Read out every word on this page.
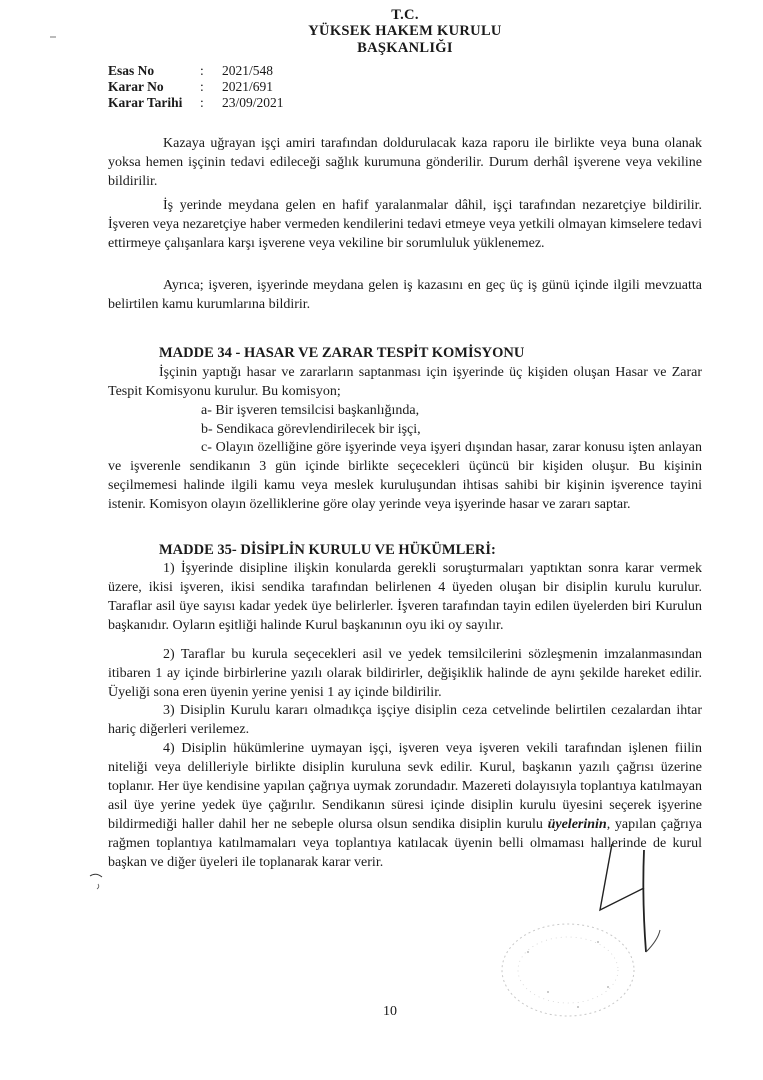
T.C.
YÜKSEK HAKEM KURULU
BAŞKANLIĞI
Esas No	:	2021/548
Karar No	:	2021/691
Karar Tarihi	:	23/09/2021
Kazaya uğrayan işçi amiri tarafından doldurulacak kaza raporu ile birlikte veya buna olanak yoksa hemen işçinin tedavi edileceği sağlık kurumuna gönderilir. Durum derhâl işverene veya vekiline bildirilir.
İş yerinde meydana gelen en hafif yaralanmalar dâhil, işçi tarafından nezaretçiye bildirilir. İşveren veya nezaretçiye haber vermeden kendilerini tedavi etmeye veya yetkili olmayan kimselere tedavi ettirmeye çalışanlara karşı işverene veya vekiline bir sorumluluk yüklenemez.
Ayrıca; işveren, işyerinde meydana gelen iş kazasını en geç üç iş günü içinde ilgili mevzuatta belirtilen kamu kurumlarına bildirir.
MADDE 34 - HASAR VE ZARAR TESPİT KOMİSYONU
İşçinin yaptığı hasar ve zararların saptanması için işyerinde üç kişiden oluşan Hasar ve Zarar Tespit Komisyonu kurulur. Bu komisyon;
a- Bir işveren temsilcisi başkanlığında,
b- Sendikaca görevlendirilecek bir işçi,
c- Olayın özelliğine göre işyerinde veya işyeri dışından hasar, zarar konusu işten anlayan ve işverenle sendikanın 3 gün içinde birlikte seçecekleri üçüncü bir kişiden oluşur. Bu kişinin seçilmemesi halinde ilgili kamu veya meslek kuruluşundan ihtisas sahibi bir kişinin işverence tayini istenir. Komisyon olayın özelliklerine göre olay yerinde veya işyerinde hasar ve zararı saptar.
MADDE 35- DİSİPLİN KURULU VE HÜKÜMLERİ:
1) İşyerinde disipline ilişkin konularda gerekli soruşturmaları yaptıktan sonra karar vermek üzere, ikisi işveren, ikisi sendika tarafından belirlenen 4 üyeden oluşan bir disiplin kurulu kurulur. Taraflar asil üye sayısı kadar yedek üye belirlerler. İşveren tarafından tayin edilen üyelerden biri Kurulun başkanıdır. Oyların eşitliği halinde Kurul başkanının oyu iki oy sayılır.
2) Taraflar bu kurula seçecekleri asil ve yedek temsilcilerini sözleşmenin imzalanmasından itibaren 1 ay içinde birbirlerine yazılı olarak bildirirler, değişiklik halinde de aynı şekilde hareket edilir. Üyeliği sona eren üyenin yerine yenisi 1 ay içinde bildirilir.
3) Disiplin Kurulu kararı olmadıkça işçiye disiplin ceza cetvelinde belirtilen cezalardan ihtar hariç diğerleri verilemez.
4) Disiplin hükümlerine uymayan işçi, işveren veya işveren vekili tarafından işlenen fiilin niteliği veya delilleriyle birlikte disiplin kuruluna sevk edilir. Kurul, başkanın yazılı çağrısı üzerine toplanır. Her üye kendisine yapılan çağrıya uymak zorundadır. Mazereti dolayısıyla toplantıya katılmayan asil üye yerine yedek üye çağırılır. Sendikanın süresi içinde disiplin kurulu üyesini seçerek işyerine bildirmediği haller dahil her ne sebeple olursa olsun sendika disiplin kurulu üyelerinin, yapılan çağrıya rağmen toplantıya katılmamaları veya toplantıya katılacak üyenin belli olmaması hallerinde de kurul başkan ve diğer üyeleri ile toplanarak karar verir.
10
